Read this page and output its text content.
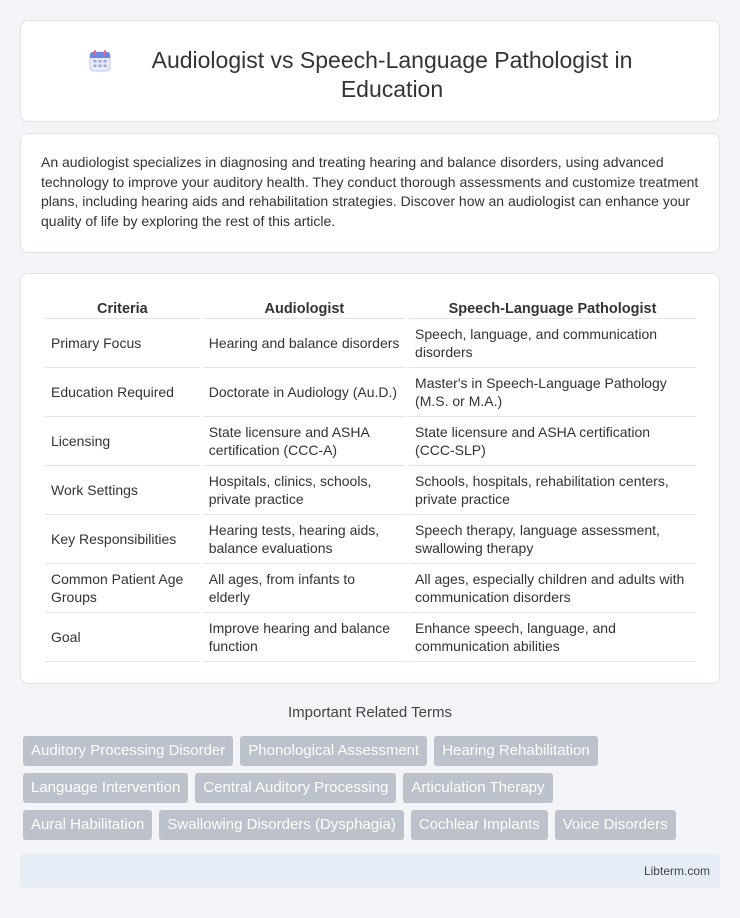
Audiologist vs Speech-Language Pathologist in Education

An audiologist specializes in diagnosing and treating hearing and balance disorders, using advanced technology to improve your auditory health. They conduct thorough assessments and customize treatment plans, including hearing aids and rehabilitation strategies. Discover how an audiologist can enhance your quality of life by exploring the rest of this article.

Criteria	Audiologist	Speech-Language Pathologist
Primary Focus	Hearing and balance disorders	Speech, language, and communication disorders
Education Required	Doctorate in Audiology (Au.D.)	Master's in Speech-Language Pathology (M.S. or M.A.)
Licensing	State licensure and ASHA certification (CCC-A)	State licensure and ASHA certification (CCC-SLP)
Work Settings	Hospitals, clinics, schools, private practice	Schools, hospitals, rehabilitation centers, private practice
Key Responsibilities	Hearing tests, hearing aids, balance evaluations	Speech therapy, language assessment, swallowing therapy
Common Patient Age Groups	All ages, from infants to elderly	All ages, especially children and adults with communication disorders
Goal	Improve hearing and balance function	Enhance speech, language, and communication abilities
Important Related Terms
Auditory Processing Disorder	Phonological Assessment	Hearing Rehabilitation
Language Intervention	Central Auditory Processing	Articulation Therapy
Aural Habilitation	Swallowing Disorders (Dysphagia)	Cochlear Implants	Voice Disorders
Libterm.com
